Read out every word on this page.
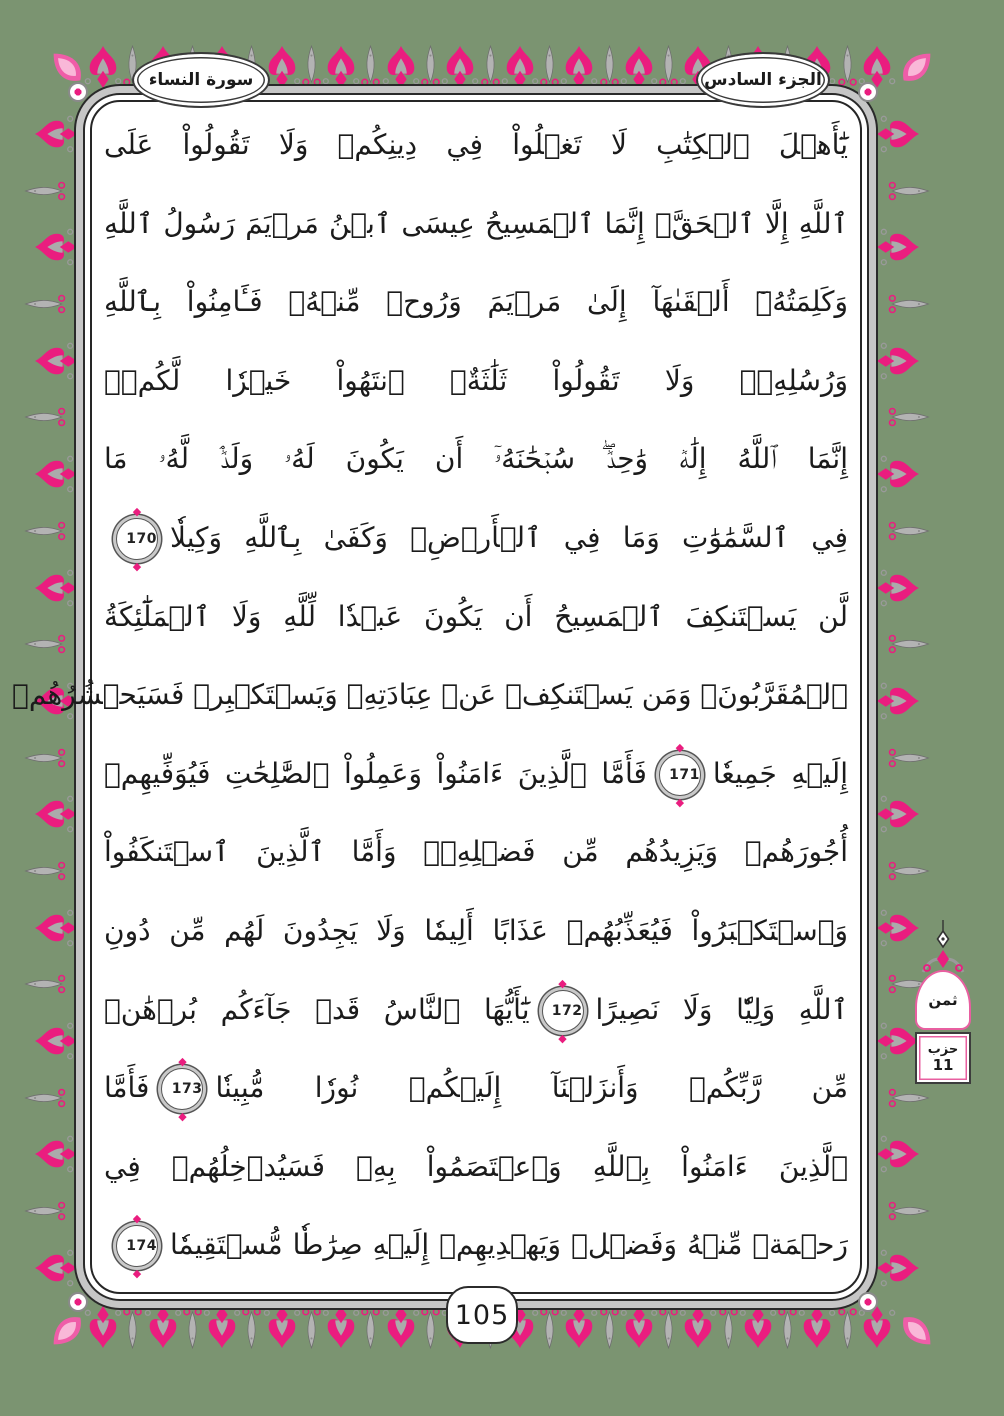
سورة النساء	الجزء السادس
يَٰٓأَهۡلَ ٱلۡكِتَٰبِ لَا تَغۡلُواْ فِي دِينِكُمۡ وَلَا تَقُولُواْ عَلَى
ٱللَّهِ إِلَّا ٱلۡحَقَّۚ إِنَّمَا ٱلۡمَسِيحُ عِيسَى ٱبۡنُ مَرۡيَمَ رَسُولُ ٱللَّهِ
وَكَلِمَتُهُۥٓ أَلۡقَىٰهَآ إِلَىٰ مَرۡيَمَ وَرُوحٞ مِّنۡهُۖ فَـَٔامِنُواْ بِٱللَّهِ
وَرُسُلِهِۦۖ وَلَا تَقُولُواْ ثَلَٰثَةٌۚ ٱنتَهُواْ خَيۡرٗا لَّكُمۡۚ
إِنَّمَا ٱللَّهُ إِلَٰهٞ وَٰحِدٞۖ سُبۡحَٰنَهُۥٓ أَن يَكُونَ لَهُۥ وَلَدٞۘ لَّهُۥ مَا
فِي ٱلسَّمَٰوَٰتِ وَمَا فِي ٱلۡأَرۡضِۗ وَكَفَىٰ بِٱللَّهِ وَكِيلٗا
◆ 170
◆
لَّن يَسۡتَنكِفَ ٱلۡمَسِيحُ أَن يَكُونَ عَبۡدٗا لِّلَّهِ وَلَا ٱلۡمَلَٰٓئِكَةُ
ٱلۡمُقَرَّبُونَۚ وَمَن يَسۡتَنكِفۡ عَنۡ عِبَادَتِهِۦ وَيَسۡتَكۡبِرۡ فَسَيَحۡشُرُهُمۡ
إِلَيۡهِ جَمِيعٗا
◆ 171
◆فَأَمَّا ٱلَّذِينَ ءَامَنُواْ وَعَمِلُواْ ٱلصَّٰلِحَٰتِ فَيُوَفِّيهِمۡ
أُجُورَهُمۡ وَيَزِيدُهُم مِّن فَضۡلِهِۦۖ وَأَمَّا ٱلَّذِينَ ٱسۡتَنكَفُواْ
وَٱسۡتَكۡبَرُواْ فَيُعَذِّبُهُمۡ عَذَابًا أَلِيمٗا وَلَا يَجِدُونَ لَهُم مِّن دُونِ
ٱللَّهِ وَلِيّٗا وَلَا نَصِيرًا
◆ 172
◆يَٰٓأَيُّهَا ٱلنَّاسُ قَدۡ جَآءَكُم بُرۡهَٰنٞ
مِّن رَّبِّكُمۡ وَأَنزَلۡنَآ إِلَيۡكُمۡ نُورٗا مُّبِينٗا
◆ 173
◆فَأَمَّا
ٱلَّذِينَ ءَامَنُواْ بِٱللَّهِ وَٱعۡتَصَمُواْ بِهِۦ فَسَيُدۡخِلُهُمۡ فِي
رَحۡمَةٖ مِّنۡهُ وَفَضۡلٖ وَيَهۡدِيهِمۡ إِلَيۡهِ صِرَٰطٗا مُّسۡتَقِيمٗا
◆ 174
◆
ثمن
حزب
11
105
